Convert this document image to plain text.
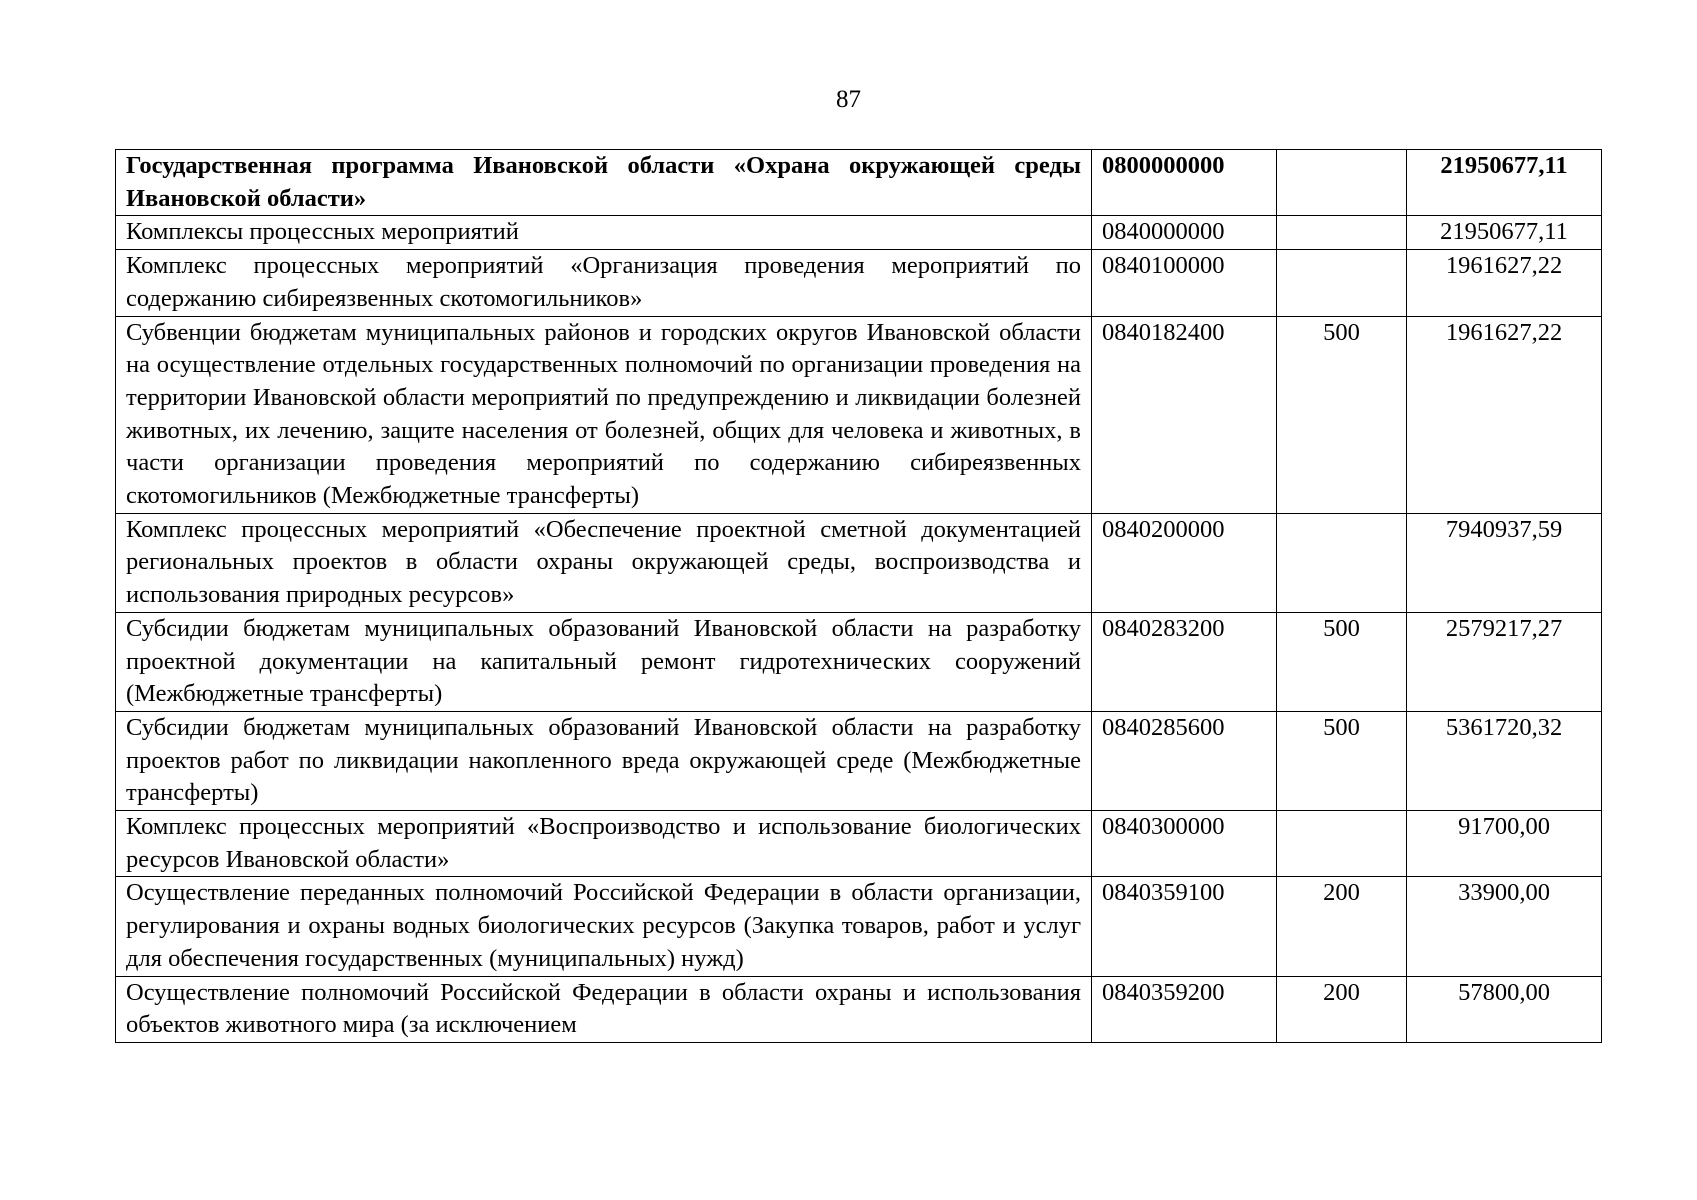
87
Государственная программа Ивановской области «Охрана окружающей среды Ивановской области»	0800000000		21950677,11
Комплексы процессных мероприятий	0840000000		21950677,11
Комплекс процессных мероприятий «Организация проведения мероприятий по содержанию сибиреязвенных скотомогильников»	0840100000		1961627,22
Субвенции бюджетам муниципальных районов и городских округов Ивановской области на осуществление отдельных государственных полномочий по организации проведения на территории Ивановской области мероприятий по предупреждению и ликвидации болезней животных, их лечению, защите населения от болезней, общих для человека и животных, в части организации проведения мероприятий по содержанию сибиреязвенных скотомогильников (Межбюджетные трансферты)	0840182400	500	1961627,22
Комплекс процессных мероприятий «Обеспечение проектной сметной документацией региональных проектов в области охраны окружающей среды, воспроизводства и использования природных ресурсов»	0840200000		7940937,59
Субсидии бюджетам муниципальных образований Ивановской области на разработку проектной документации на капитальный ремонт гидротехнических сооружений (Межбюджетные трансферты)	0840283200	500	2579217,27
Субсидии бюджетам муниципальных образований Ивановской области на разработку проектов работ по ликвидации накопленного вреда окружающей среде (Межбюджетные трансферты)	0840285600	500	5361720,32
Комплекс процессных мероприятий «Воспроизводство и использование биологических ресурсов Ивановской области»	0840300000		91700,00
Осуществление переданных полномочий Российской Федерации в области организации, регулирования и охраны водных биологических ресурсов (Закупка товаров, работ и услуг для обеспечения государственных (муниципальных) нужд)	0840359100	200	33900,00
Осуществление полномочий Российской Федерации в области охраны и использования объектов животного мира (за исключением	0840359200	200	57800,00
